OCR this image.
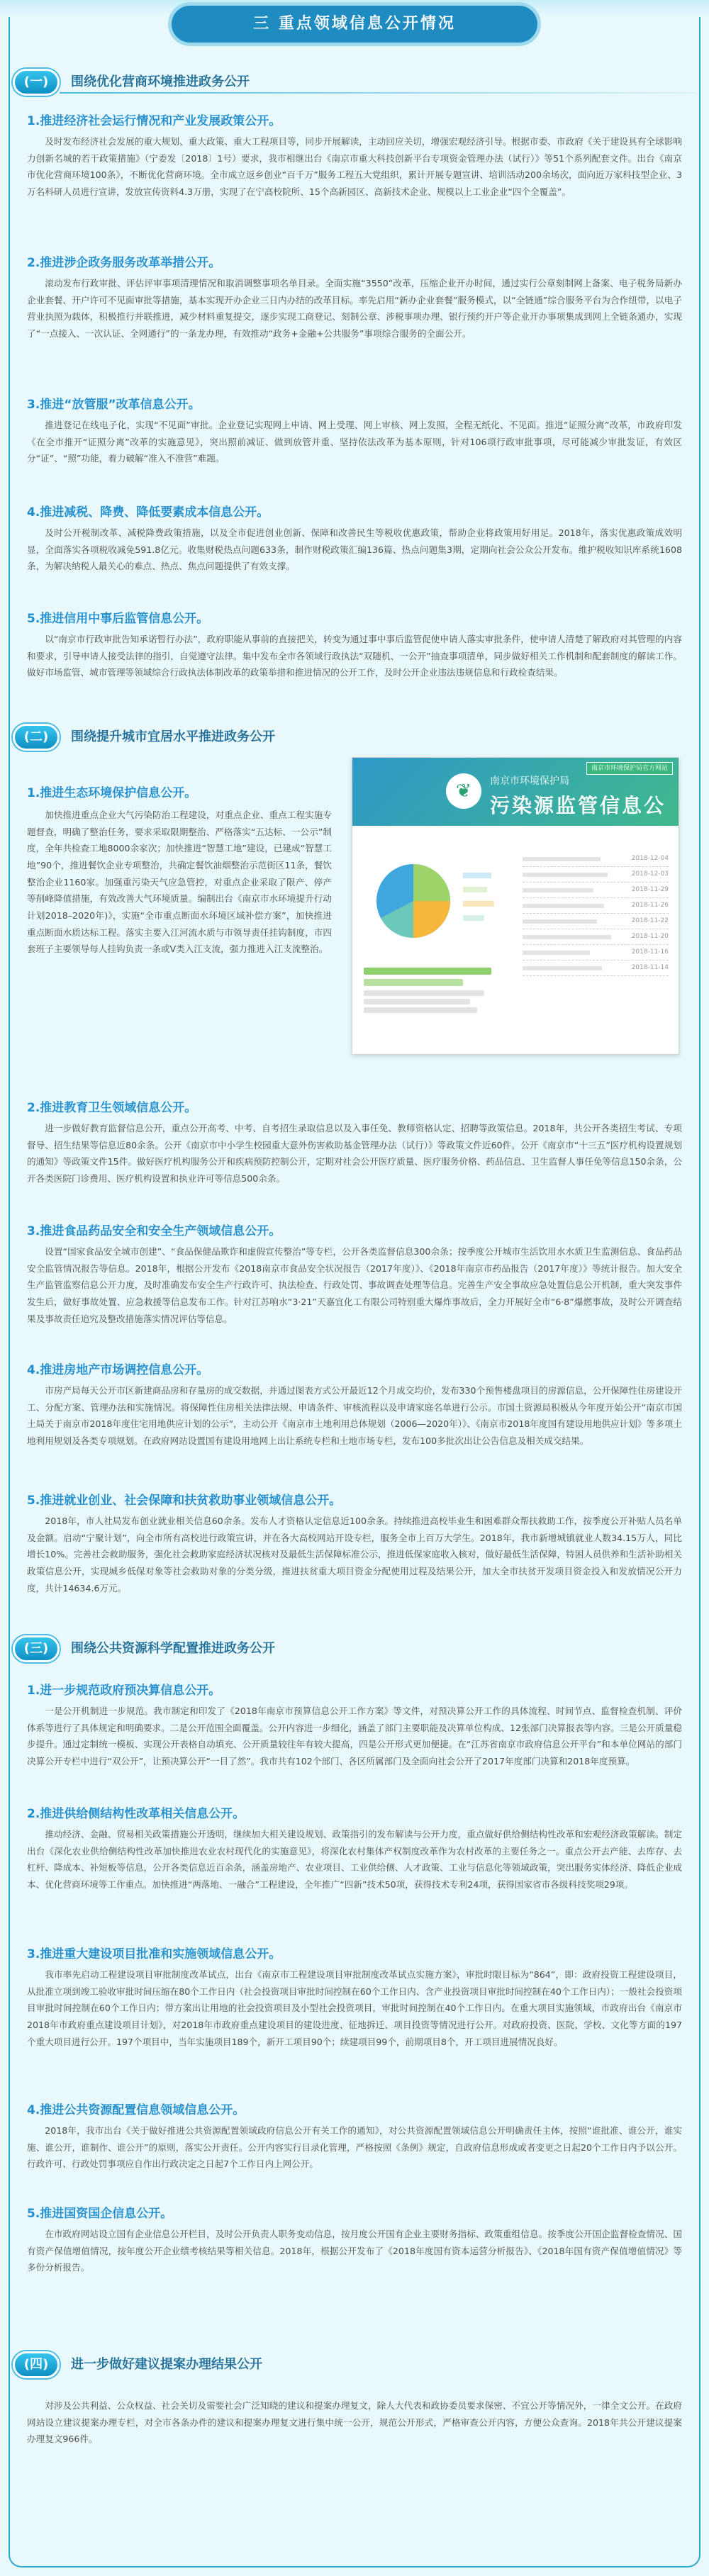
三 重点领域信息公开情况
(一)	围绕优化营商环境推进政务公开
1.推进经济社会运行情况和产业发展政策公开。
及时发布经济社会发展的重大规划、重大政策、重大工程项目等，同步开展解读，主动回应关切，增强宏观经济引导。根据市委、市政府《关于建设具有全球影响力创新名城的若干政策措施》（宁委发〔2018〕1号）要求，我市相继出台《南京市重大科技创新平台专项资金管理办法（试行）》等51个系列配套文件。出台《南京市优化营商环境100条》，不断优化营商环境。全市成立返乡创业“百千万”服务工程五大党组织，累计开展专题宣讲、培训活动200余场次，面向近万家科技型企业、3万名科研人员进行宣讲，发放宣传资料4.3万册，实现了在宁高校院所、15个高新园区、高新技术企业、规模以上工业企业“四个全覆盖”。
2.推进涉企政务服务改革举措公开。
滚动发布行政审批、评估评审事项清理情况和取消调整事项名单目录。全面实施“3550”改革，压缩企业开办时间，通过实行公章刻制网上备案、电子税务局新办企业套餐、开户许可不见面审批等措施，基本实现开办企业三日内办结的改革目标。率先启用“新办企业套餐”服务模式，以“全链通”综合服务平台为合作纽带，以电子营业执照为载体，积极推行并联推进，减少材料重复提交，逐步实现工商登记、刻制公章、涉税事项办理、银行预约开户等企业开办事项集成到网上全链条通办，实现了“一点接入、一次认证、全网通行”的一条龙办理，有效推动“政务+金融+公共服务”事项综合服务的全面公开。
3.推进“放管服”改革信息公开。
推进登记在线电子化，实现“不见面”审批。企业登记实现网上申请、网上受理、网上审核、网上发照，全程无纸化、不见面。推进“证照分离”改革，市政府印发《在全市推开“证照分离”改革的实施意见》，突出照前减证、做到放管并重、坚持依法改革为基本原则，针对106项行政审批事项，尽可能减少审批发证，有效区分“证”、“照”功能，着力破解“准入不准营”难题。
4.推进减税、降费、降低要素成本信息公开。
及时公开税制改革、减税降费政策措施，以及全市促进创业创新、保障和改善民生等税收优惠政策，帮助企业将政策用好用足。2018年，落实优惠政策成效明显，全面落实各项税收减免591.8亿元。收集财税热点问题633条，制作财税政策汇编136篇、热点问题集3期，定期向社会公众公开发布。维护税收知识库系统1608条，为解决纳税人最关心的难点、热点、焦点问题提供了有效支撑。
5.推进信用中事后监管信息公开。
以“南京市行政审批告知承诺暂行办法”，政府职能从事前的直接把关，转变为通过事中事后监管促使申请人落实审批条件，使申请人清楚了解政府对其管理的内容和要求，引导申请人接受法律的指引，自觉遵守法律。集中发布全市各领域行政执法“双随机、一公开”抽查事项清单，同步做好相关工作机制和配套制度的解读工作。做好市场监管、城市管理等领域综合行政执法体制改革的政策举措和推进情况的公开工作，及时公开企业违法违规信息和行政检查结果。
(二)	围绕提升城市宜居水平推进政务公开
1.推进生态环境保护信息公开。
加快推进重点企业大气污染防治工程建设，对重点企业、重点工程实施专题督查，明确了整治任务，要求采取限期整治、严格落实“五达标、一公示”制度，全年共检查工地8000余家次；加快推进“智慧工地”建设，已建成“智慧工地”90个，推进餐饮企业专项整治，共确定餐饮油烟整治示范街区11条，餐饮整治企业1160家。加强重污染天气应急管控，对重点企业采取了限产、停产等削峰降值措施，有效改善大气环境质量。编制出台《南京市水环境提升行动计划2018–2020年)》，实施“全市重点断面水环境区域补偿方案”，加快推进重点断面水质达标工程。落实主要入江河流水质与市领导责任挂钩制度，市四套班子主要领导每人挂钩负责一条或V类入江支流，强力推进入江支流整治。
南京市环境保护局官方网站
❦	南京市环境保护局
污染源监管信息公开
2018-12-04
2018-12-03
2018-11-29
2018-11-26
2018-11-22
2018-11-20
2018-11-16
2018-11-14
2.推进教育卫生领域信息公开。
进一步做好教育监督信息公开，重点公开高考、中考、自考招生录取信息以及入事任免、教师资格认定、招聘等政策信息。2018年，共公开各类招生考试、专项督导、招生结果等信息近80余条。公开《南京市中小学生校园重大意外伤害救助基金管理办法（试行）》等政策文件近60件。公开《南京市“十三五”医疗机构设置规划的通知》等政策文件15件。做好医疗机构服务公开和疾病预防控制公开，定期对社会公开医疗质量、医疗服务价格、药品信息、卫生监督人事任免等信息150余条，公开各类医院门诊费用、医疗机构设置和执业许可等信息500余条。
3.推进食品药品安全和安全生产领域信息公开。
设置“国家食品安全城市创建”、“食品保健品欺诈和虚假宣传整治”等专栏，公开各类监督信息300余条；按季度公开城市生活饮用水水质卫生监测信息、食品药品安全监管情况报告等信息。2018年，根据公开发布《2018南京市食品安全状况报告（2017年度）》、《2018年南京市药品报告（2017年度）》等统计报告。加大安全生产监管监察信息公开力度，及时准确发布安全生产行政许可、执法检查、行政处罚、事故调查处理等信息。完善生产安全事故应急处置信息公开机制，重大突发事件发生后，做好事故处置、应急救援等信息发布工作。针对江苏响水“3·21”天嘉宜化工有限公司特别重大爆炸事故后，全力开展好全市“6·8”爆燃事故，及时公开调查结果及事故责任追究及整改措施落实情况评估等信息。
4.推进房地产市场调控信息公开。
市房产局每天公开市区新建商品房和存量房的成交数据，并通过图表方式公开最近12个月成交均价，发布330个预售楼盘项目的房源信息，公开保障性住房建设开工、分配方案、管理办法和实施情况。将保障性住房相关法律法规、申请条件、审核流程以及申请家庭名单进行公示。市国土资源局积极从今年度开始公开“南京市国土局关于南京市2018年度住宅用地供应计划的公示”，主动公开《南京市土地利用总体规划（2006—2020年）》、《南京市2018年度国有建设用地供应计划》等多项土地利用规划及各类专项规划。在政府网站设置国有建设用地网上出让系统专栏和土地市场专栏，发布100多批次出让公告信息及相关成交结果。
5.推进就业创业、社会保障和扶贫救助事业领域信息公开。
2018年，市人社局发布创业就业相关信息60余条。发布人才资格认定信息近100余条。持续推进高校毕业生和困难群众帮扶救助工作，按季度公开补贴人员名单及金额。启动“宁聚计划”，向全市所有高校进行政策宣讲，并在各大高校网站开设专栏，服务全市上百万大学生。2018年，我市新增城镇就业人数34.15万人，同比增长10%。完善社会救助服务，强化社会救助家庭经济状况核对及最低生活保障标准公示，推进低保家庭收入核对，做好最低生活保障，特困人员供养和生活补助相关政策信息公开，实现城乡低保对象等社会救助对象的分类分级，推进扶贫重大项目资金分配使用过程及结果公开，加大全市扶贫开发项目资金投入和发放情况公开力度，共计14634.6万元。
(三)	围绕公共资源科学配置推进政务公开
1.进一步规范政府预决算信息公开。
一是公开机制进一步规范。我市制定和印发了《2018年南京市预算信息公开工作方案》等文件，对预决算公开工作的具体流程、时间节点、监督检查机制、评价体系等进行了具体规定和明确要求。二是公开范围全面覆盖。公开内容进一步细化，涵盖了部门主要职能及决算单位构成、12张部门决算报表等内容。三是公开质量稳步提升。通过定制统一模板、实现公开表格自动填充、公开质量较往年有较大提高，四是公开形式更加便捷。在“江苏省南京市政府信息公开平台”和本单位网站的部门决算公开专栏中进行“双公开”，让预决算公开“一目了然”。我市共有102个部门、各区所属部门及全面向社会公开了2017年度部门决算和2018年度预算。
2.推进供给侧结构性改革相关信息公开。
推动经济、金融、贸易相关政策措施公开透明，继续加大相关建设规划、政策指引的发布解读与公开力度，重点做好供给侧结构性改革和宏观经济政策解读。制定出台《深化农业供给侧结构性改革加快推进农业农村现代化的实施意见》，将深化农村集体产权制度改革作为农村改革的主要任务之一。重点公开去产能、去库存、去杠杆、降成本、补短板等信息，公开各类信息近百余条，涵盖房地产、农业项目、工业供给侧、人才政策、工业与信息化等领域政策，突出服务实体经济、降低企业成本、优化营商环境等工作重点。加快推进“两落地、一融合”工程建设，全年推广“四新”技术50项，获得技术专利24项，获得国家省市各级科技奖项29项。
3.推进重大建设项目批准和实施领域信息公开。
我市率先启动工程建设项目审批制度改革试点，出台《南京市工程建设项目审批制度改革试点实施方案》，审批时限目标为“864”，即：政府投资工程建设项目，从批准立项到竣工验收审批时间压缩在80个工作日内（社会投资项目审批时间控制在60个工作日内、含产业投资项目审批时间控制在40个工作日内）；一般社会投资项目审批时间控制在60个工作日内；带方案出让用地的社会投资项目及小型社会投资项目，审批时间控制在40个工作日内。在重大项目实施领域，市政府出台《南京市2018年市政府重点建设项目计划》，对2018年市政府重点建设项目的建设进度、征地拆迁、项目投资等情况进行公开。对政府投资、医院、学校、文化等方面的197个重大项目进行公开。197个项目中，当年实施项目189个，新开工项目90个；续建项目99个，前期项目8个，开工项目进展情况良好。
4.推进公共资源配置信息领域信息公开。
2018年，我市出台《关于做好推进公共资源配置领域政府信息公开有关工作的通知》，对公共资源配置领域信息公开明确责任主体，按照“谁批准、谁公开，谁实施、谁公开，谁制作、谁公开”的原则，落实公开责任。公开内容实行目录化管理，严格按照《条例》规定，自政府信息形成或者变更之日起20个工作日内予以公开。行政许可、行政处罚事项应自作出行政决定之日起7个工作日内上网公开。
5.推进国资国企信息公开。
在市政府网站设立国有企业信息公开栏目，及时公开负责人职务变动信息，按月度公开国有企业主要财务指标、政策重组信息。按季度公开国企监督检查情况、国有资产保值增值情况，按年度公开企业绩考核结果等相关信息。2018年，根据公开发布了《2018年度国有资本运营分析报告》、《2018年国有资产保值增值情况》等多份分析报告。
(四)	进一步做好建议提案办理结果公开
对涉及公共利益、公众权益、社会关切及需要社会广泛知晓的建议和提案办理复文，除人大代表和政协委员要求保密、不宜公开等情况外，一律全文公开。在政府网站设立建议提案办理专栏，对全市各条办件的建议和提案办理复文进行集中统一公开，规范公开形式，严格审查公开内容，方便公众查询。2018年共公开建议提案办理复文966件。
